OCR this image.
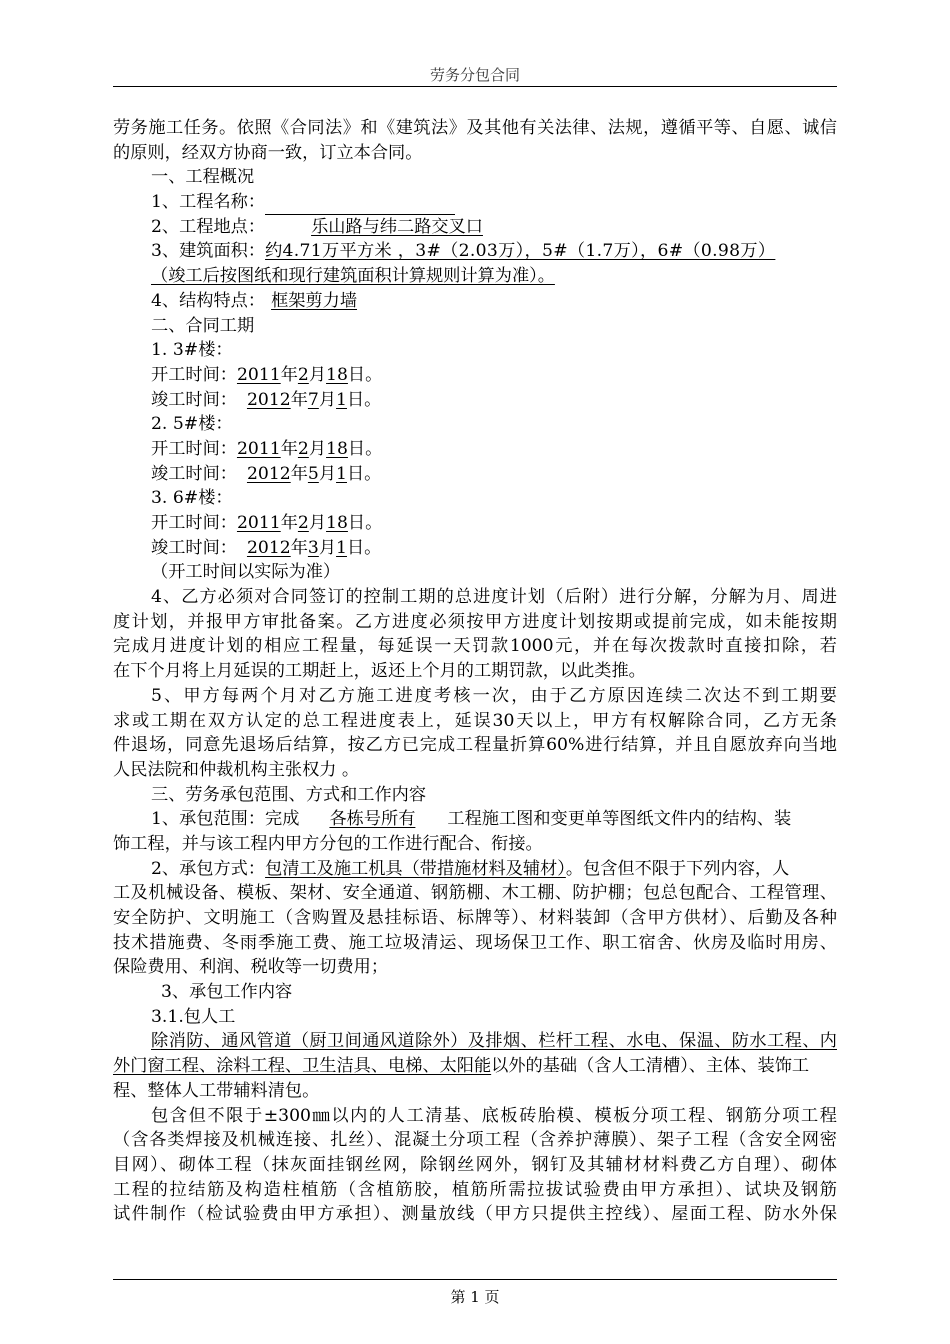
劳务分包合同
劳务施工任务。依照《合同法》和《建筑法》及其他有关法律、法规，遵循平等、自愿、诚信
的原则，经双方协商一致，订立本合同。
一、工程概况
1、工程名称：
2、工程地点：	乐山路与纬二路交叉口
3、建筑面积：约4.71万平方米 ，3#（2.03万），5#（1.7万），6#（0.98万）
（竣工后按图纸和现行建筑面积计算规则计算为准）。
4、结构特点： 框架剪力墙
二、合同工期
1. 3#楼：
开工时间：2011年2月18日。
竣工时间： 2012年7月1日。
2. 5#楼：
开工时间：2011年2月18日。
竣工时间： 2012年5月1日。
3. 6#楼：
开工时间：2011年2月18日。
竣工时间： 2012年3月1日。
（开工时间以实际为准）
4、乙方必须对合同签订的控制工期的总进度计划（后附）进行分解，分解为月、周进
度计划，并报甲方审批备案。乙方进度必须按甲方进度计划按期或提前完成，如未能按期
完成月进度计划的相应工程量，每延误一天罚款1000元，并在每次拨款时直接扣除，若
在下个月将上月延误的工期赶上，返还上个月的工期罚款，以此类推。
5、甲方每两个月对乙方施工进度考核一次，由于乙方原因连续二次达不到工期要
求或工期在双方认定的总工程进度表上，延误30天以上，甲方有权解除合同，乙方无条
件退场，同意先退场后结算，按乙方已完成工程量折算60%进行结算，并且自愿放弃向当地
人民法院和仲裁机构主张权力 。
三、劳务承包范围、方式和工作内容
1、承包范围：完成 各栋号所有 工程施工图和变更单等图纸文件内的结构、装
饰工程，并与该工程内甲方分包的工作进行配合、衔接。
2、承包方式：包清工及施工机具（带措施材料及辅材）。包含但不限于下列内容，人
工及机械设备、模板、架材、安全通道、钢筋棚、木工棚、防护棚；包总包配合、工程管理、
安全防护、文明施工（含购置及悬挂标语、标牌等）、材料装卸（含甲方供材）、后勤及各种
技术措施费、冬雨季施工费、施工垃圾清运、现场保卫工作、职工宿舍、伙房及临时用房、
保险费用、利润、税收等一切费用；
3、承包工作内容
3.1.包人工
除消防、通风管道（厨卫间通风道除外）及排烟、栏杆工程、水电、保温、防水工程、内
外门窗工程、涂料工程、卫生洁具、电梯、太阳能以外的基础（含人工清槽）、主体、装饰工
程、整体人工带辅料清包。
包含但不限于±300㎜以内的人工清基、底板砖胎模、模板分项工程、钢筋分项工程
（含各类焊接及机械连接、扎丝）、混凝土分项工程（含养护薄膜）、架子工程（含安全网密
目网）、砌体工程（抹灰面挂钢丝网，除钢丝网外，钢钉及其辅材材料费乙方自理）、砌体
工程的拉结筋及构造柱植筋（含植筋胶，植筋所需拉拔试验费由甲方承担）、试块及钢筋
试件制作（检试验费由甲方承担）、测量放线（甲方只提供主控线）、屋面工程、防水外保
第 1 页
